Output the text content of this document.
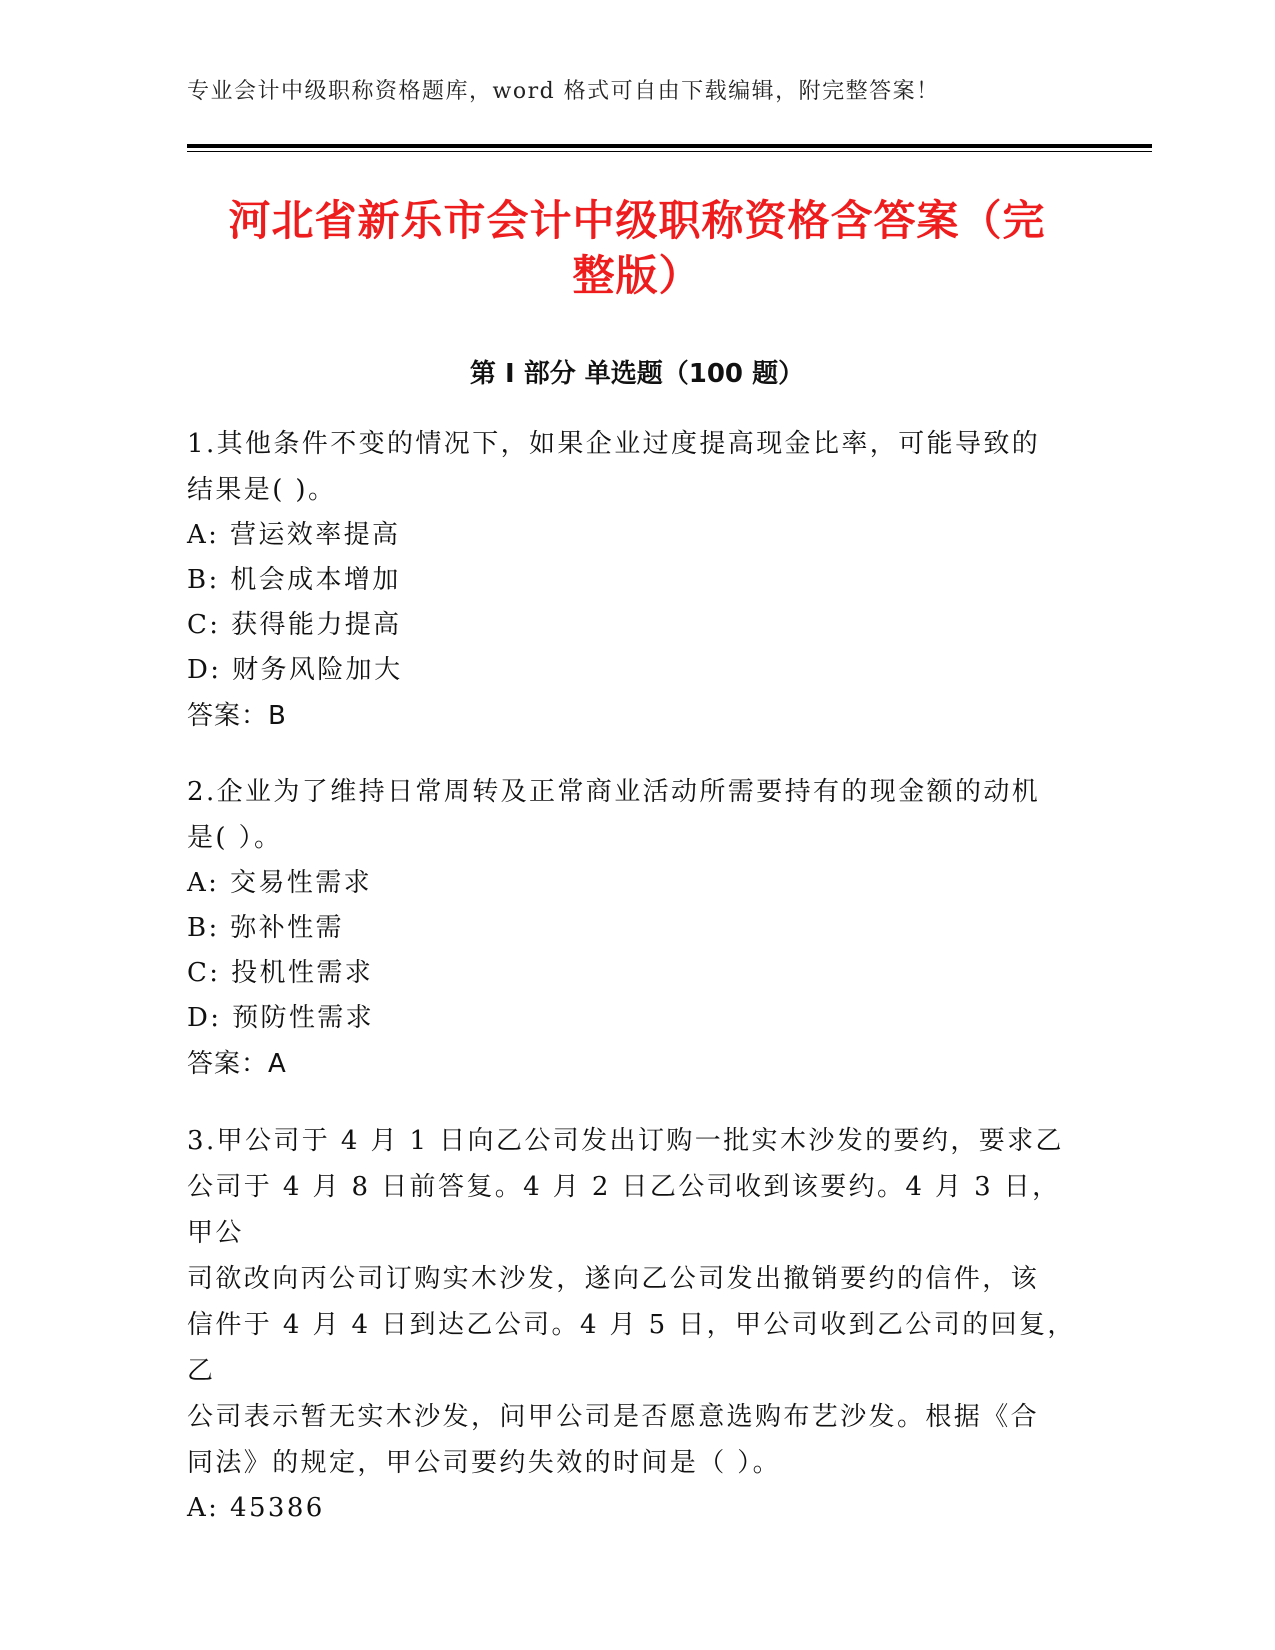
专业会计中级职称资格题库，word 格式可自由下载编辑，附完整答案！
河北省新乐市会计中级职称资格含答案（完
整版）
第 I 部分 单选题（100 题）
1.其他条件不变的情况下，如果企业过度提高现金比率，可能导致的
结果是( )。
A: 营运效率提高
B: 机会成本增加
C: 获得能力提高
D: 财务风险加大
答案：B
2.企业为了维持日常周转及正常商业活动所需要持有的现金额的动机
是( ）。
A: 交易性需求
B: 弥补性需
C: 投机性需求
D: 预防性需求
答案：A
3.甲公司于 4 月 1 日向乙公司发出订购一批实木沙发的要约，要求乙
公司于 4 月 8 日前答复。4 月 2 日乙公司收到该要约。4 月 3 日，甲公
司欲改向丙公司订购实木沙发，遂向乙公司发出撤销要约的信件，该
信件于 4 月 4 日到达乙公司。4 月 5 日，甲公司收到乙公司的回复，乙
公司表示暂无实木沙发，问甲公司是否愿意选购布艺沙发。根据《合
同法》的规定，甲公司要约失效的时间是（ ）。
A: 45386
